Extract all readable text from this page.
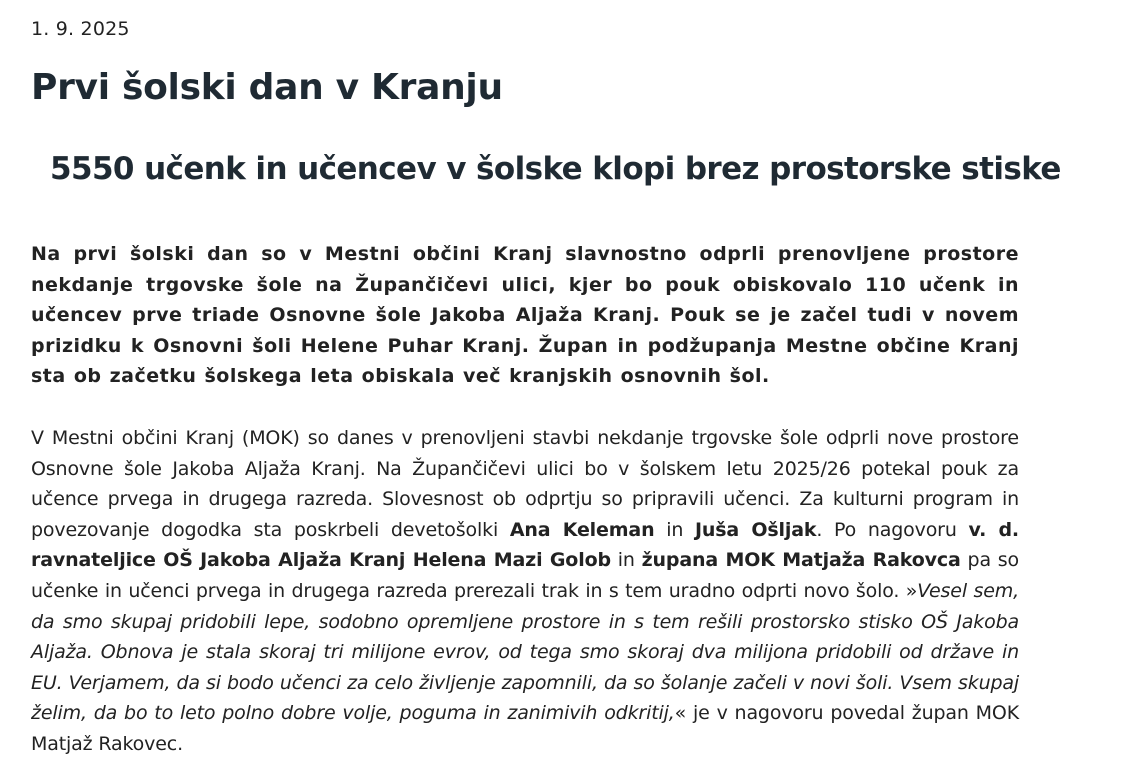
1. 9. 2025
Prvi šolski dan v Kranju
5550 učenk in učencev v šolske klopi brez prostorske stiske

Na prvi šolski dan so v Mestni občini Kranj slavnostno odprli prenovljene prostore nekdanje trgovske šole na Župančičevi ulici, kjer bo pouk obiskovalo 110 učenk in učencev prve triade Osnovne šole Jakoba Aljaža Kranj. Pouk se je začel tudi v novem prizidku k Osnovni šoli Helene Puhar Kranj. Župan in podžupanja Mestne občine Kranj sta ob začetku šolskega leta obiskala več kranjskih osnovnih šol.

V Mestni občini Kranj (MOK) so danes v prenovljeni stavbi nekdanje trgovske šole odprli nove prostore Osnovne šole Jakoba Aljaža Kranj. Na Župančičevi ulici bo v šolskem letu 2025/26 potekal pouk za učence prvega in drugega razreda. Slovesnost ob odprtju so pripravili učenci. Za kulturni program in povezovanje dogodka sta poskrbeli devetošolki Ana Keleman in Juša Ošljak. Po nagovoru v. d. ravnateljice OŠ Jakoba Aljaža Kranj Helena Mazi Golob in župana MOK Matjaža Rakovca pa so učenke in učenci prvega in drugega razreda prerezali trak in s tem uradno odprti novo šolo. »Vesel sem, da smo skupaj pridobili lepe, sodobno opremljene prostore in s tem rešili prostorsko stisko OŠ Jakoba Aljaža. Obnova je stala skoraj tri milijone evrov, od tega smo skoraj dva milijona pridobili od države in EU. Verjamem, da si bodo učenci za celo življenje zapomnili, da so šolanje začeli v novi šoli. Vsem skupaj želim, da bo to leto polno dobre volje, poguma in zanimivih odkritij,« je v nagovoru povedal župan MOK Matjaž Rakovec.
